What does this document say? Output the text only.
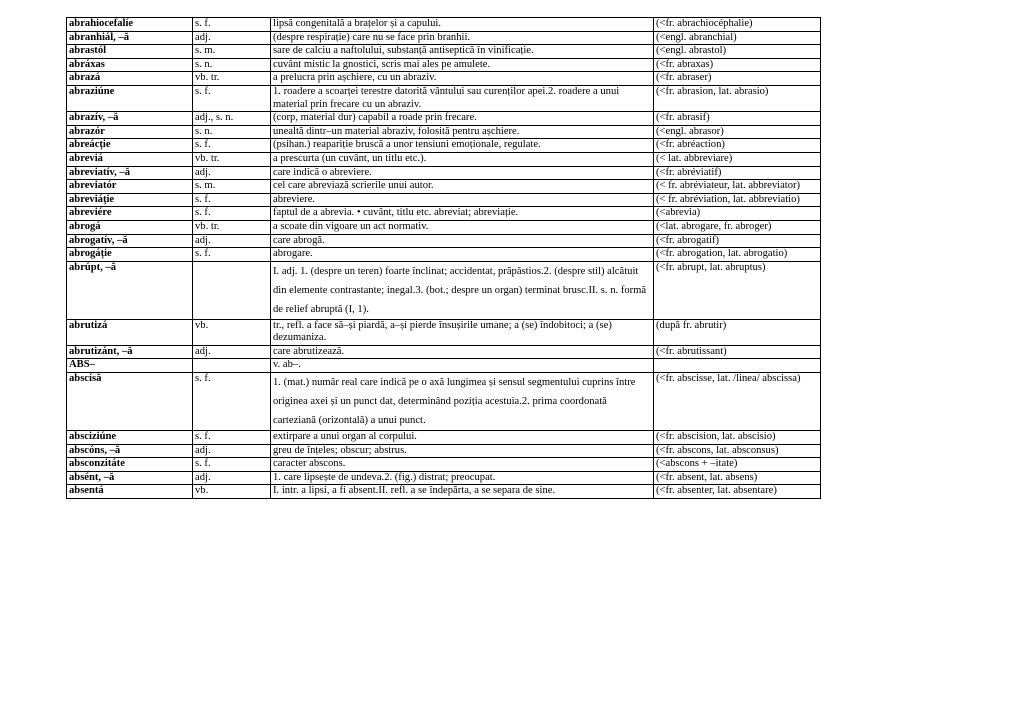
abrahiocefalíe	s. f.	lipsă congenitală a brațelor și a capului.	(<fr. abrachiocéphalie)
abranhiál, –ă	adj.	(despre respirație) care nu se face prin branhii.	(<engl. abranchial)
abrastól	s. m.	sare de calciu a naftolului, substanță antiseptică în vinificație.	(<engl. abrastol)
abráxas	s. n.	cuvânt mistic la gnostici, scris mai ales pe amulete.	(<fr. abraxas)
abrazá	vb. tr.	a prelucra prin așchiere, cu un abraziv.	(<fr. abraser)
abraziúne	s. f.	1. roadere a scoarței terestre datorită vântului sau curenților apei.2. roadere a unui material prin frecare cu un abraziv.	(<fr. abrasion, lat. abrasio)
abrazív, –ă	adj., s. n.	(corp, material dur) capabil a roade prin frecare.	(<fr. abrasif)
abrazór	s. n.	unealtă dintr–un material abraziv, folosită pentru așchiere.	(<engl. abrasor)
abreácție	s. f.	(psihan.) reapariție bruscă a unor tensiuni emoționale, regulate.	(<fr. abréaction)
abreviá	vb. tr.	a prescurta (un cuvânt, un titlu etc.).	(< lat. abbreviare)
abreviatív, –ă	adj.	care indică o abreviere.	(<fr. abréviatif)
abreviatór	s. m.	cel care abreviază scrierile unui autor.	(< fr. abréviateur, lat. abbreviator)
abreviáție	s. f.	abreviere.	(< fr. abréviation, lat. abbreviatio)
abreviére	s. f.	faptul de a abrevia. • cuvânt, titlu etc. abreviat; abreviație.	(<abrevia)
abrogá	vb. tr.	a scoate din vigoare un act normativ.	(<lat. abrogare, fr. abroger)
abrogatív, –ă	adj.	care abrogă.	(<fr. abrogatif)
abrogáție	s. f.	abrogare.	(<fr. abrogation, lat. abrogatio)
abrúpt, –ă		I. adj. 1. (despre un teren) foarte înclinat; accidentat, prăpăstios.2. (despre stil) alcătuit din elemente contrastante; inegal.3. (bot.; despre un organ) terminat brusc.II. s. n. formă de relief abruptă (I, 1).	(<fr. abrupt, lat. abruptus)
abrutizá	vb.	tr., refl. a face să–și piardă, a–și pierde însușirile umane; a (se) îndobitoci; a (se) dezumaniza.	(după fr. abrutir)
abrutizánt, –ă	adj.	care abrutizează.	(<fr. abrutissant)
ABS–		v. ab–.	
abscísă	s. f.	1. (mat.) număr real care indică pe o axă lungimea și sensul segmentului cuprins între originea axei și un punct dat, determinând poziția acestuia.2. prima coordonată carteziană (orizontală) a unui punct.	(<fr. abscisse, lat. /linea/ abscissa)
absciziúne	s. f.	extirpare a unui organ al corpului.	(<fr. abscision, lat. abscisio)
abscóns, –ă	adj.	greu de înțeles; obscur; abstrus.	(<fr. abscons, lat. absconsus)
absconzitáte	s. f.	caracter abscons.	(<abscons + –itate)
absént, –ă	adj.	1. care lipsește de undeva.2. (fig.) distrat; preocupat.	(<fr. absent, lat. absens)
absentá	vb.	I. intr. a lipsi, a fi absent.II. refl. a se îndepărta, a se separa de sine.	(<fr. absenter, lat. absentare)
